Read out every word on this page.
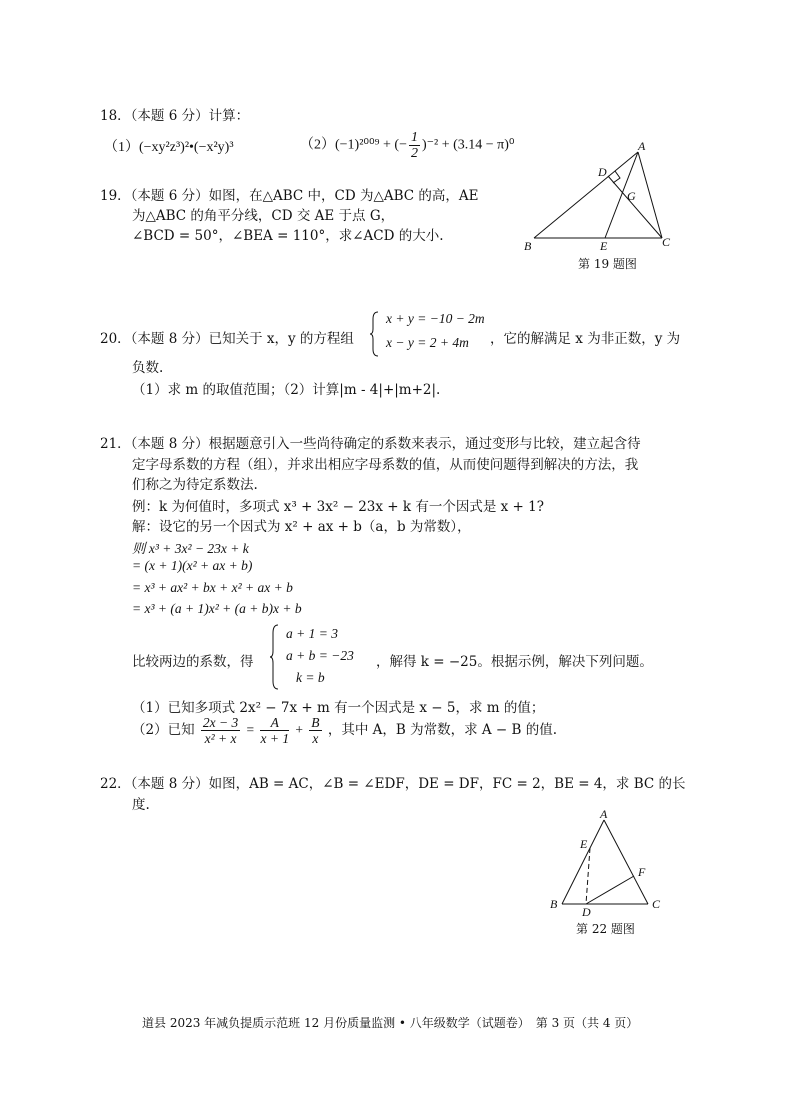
18．（本题 6 分）计算：
（1）(−xy²z³)²•(−x²y)³	（2）(−1)²⁰⁰⁹ + (− $\frac{1}{2} )^{-2} + (3.14 - \pi)^0$
19．（本题 6 分）如图，在△ABC 中，CD 为△ABC 的高，AE
为△ABC 的角平分线，CD 交 AE 于点 G，
∠BCD = 50°，∠BEA = 110°，求∠ACD 的大小.
A
B	C
D
E
G
第 19 题图
20．（本题 8 分）已知关于 x，y 的方程组
x + y = −10 − 2m
x − y = 2 + 4m ，它的解满足 x 为非正数，y 为
负数.
（1）求 m 的取值范围；（2）计算|m - 4|+|m+2|.
21．（本题 8 分）根据题意引入一些尚待确定的系数来表示，通过变形与比较，建立起含待
定字母系数的方程（组），并求出相应字母系数的值，从而使问题得到解决的方法，我
们称之为待定系数法.
例：k 为何值时，多项式 x³ + 3x² − 23x + k 有一个因式是 x + 1?
解：设它的另一个因式为 x² + ax + b（a，b 为常数），
则 x³ + 3x² − 23x + k
= (x + 1)(x² + ax + b)
= x³ + ax² + bx + x² + ax + b
= x³ + (a + 1)x² + (a + b)x + b
比较两边的系数，得
a + 1 = 3
a + b = −23
k = b
，解得 k = −25。根据示例，解决下列问题。
（1）已知多项式 2x² − 7x + m 有一个因式是 x − 5，求 m 的值；
（2）已知 $\frac{2x - 3}{\text{x² + x}} = \frac{A}{x + 1} + \frac{B}{x}$ ，其中 A，B 为常数，求 A − B 的值.
22．（本题 8 分）如图，AB = AC，∠B = ∠EDF，DE = DF，FC = 2，BE = 4，求 BC 的长
度.
A
B	C
D
E
F
第 22 题图
道县 2023 年减负提质示范班 12 月份质量监测 • 八年级数学（试题卷）　第 3 页（共 4 页）
